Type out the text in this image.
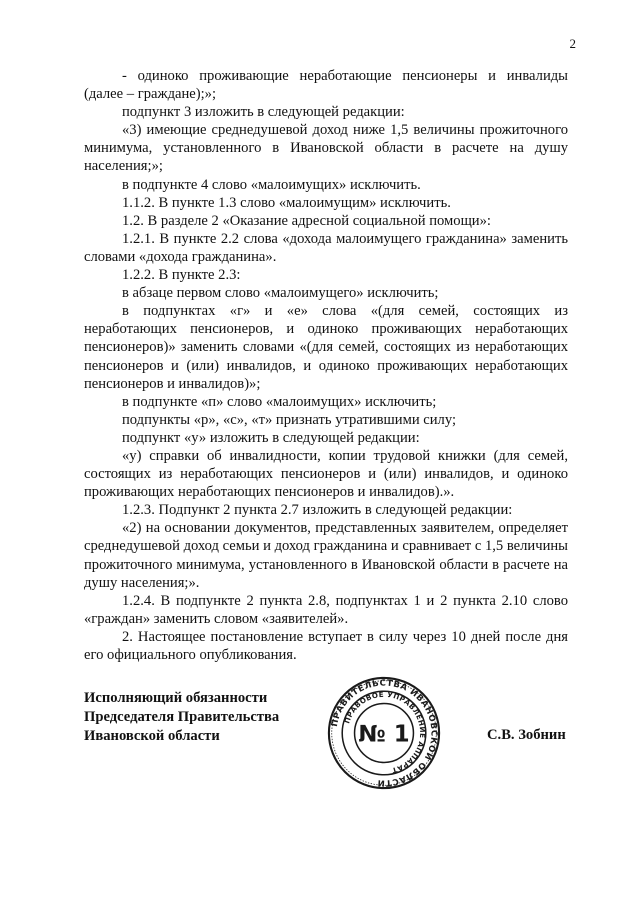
2

- одиноко проживающие неработающие пенсионеры и инвалиды (далее – граждане);»;

подпункт 3 изложить в следующей редакции:

«3) имеющие среднедушевой доход ниже 1,5 величины прожиточного минимума, установленного в Ивановской области в расчете на душу населения;»;

в подпункте 4 слово «малоимущих» исключить.

1.1.2. В пункте 1.3 слово «малоимущим» исключить.

1.2. В разделе 2 «Оказание адресной социальной помощи»:

1.2.1. В пункте 2.2 слова «дохода малоимущего гражданина» заменить словами «дохода гражданина».

1.2.2. В пункте 2.3:

в абзаце первом слово «малоимущего» исключить;

в подпунктах «г» и «е» слова «(для семей, состоящих из неработающих пенсионеров, и одиноко проживающих неработающих пенсионеров)» заменить словами «(для семей, состоящих из неработающих пенсионеров и (или) инвалидов, и одиноко проживающих неработающих пенсионеров и инвалидов)»;

в подпункте «п» слово «малоимущих» исключить;

подпункты «р», «с», «т» признать утратившими силу;

подпункт «у» изложить в следующей редакции:

«у) справки об инвалидности, копии трудовой книжки (для семей, состоящих из неработающих пенсионеров и (или) инвалидов, и одиноко проживающих неработающих пенсионеров и инвалидов).».

1.2.3. Подпункт 2 пункта 2.7 изложить в следующей редакции:

«2) на основании документов, представленных заявителем, определяет среднедушевой доход семьи и доход гражданина и сравнивает с 1,5 величины прожиточного минимума, установленного в Ивановской области в расчете на душу населения;».

1.2.4. В подпункте 2 пункта 2.8, подпунктах 1 и 2 пункта 2.10 слово «граждан» заменить словом «заявителей».

2. Настоящее постановление вступает в силу через 10 дней после дня его официального опубликования.

Исполняющий обязанности
Председателя Правительства
Ивановской области
ПРАВИТЕЛЬСТВА ИВАНОВСКОЙ ОБЛАСТИ
ПРАВОВОЕ УПРАВЛЕНИЕ АППАРАТ
№ 1	С.В. Зобнин
